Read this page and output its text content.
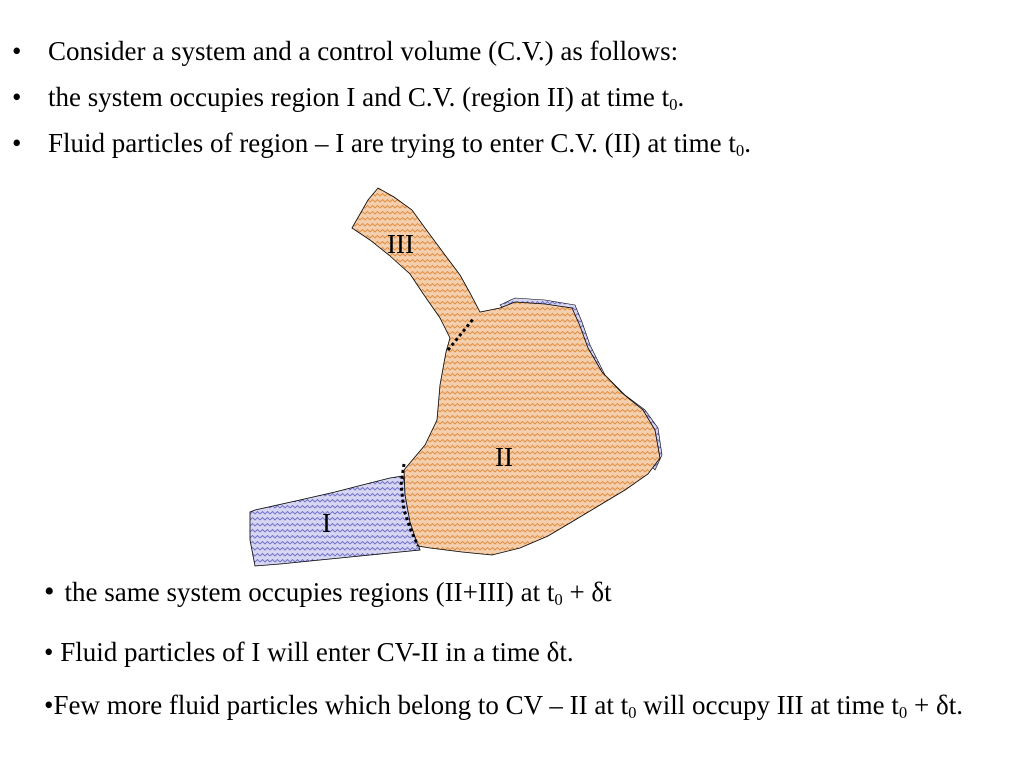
• Consider a system and a control volume (C.V.) as follows:
• the system occupies region I and C.V. (region II) at time $t_0$.
• Fluid particles of region – I are trying to enter C.V. (II) at time $t_0$.
III
II
I
• the same system occupies regions (II+III) at $t_0 + \delta t$
• Fluid particles of I will enter CV-II in a time δt.
•Few more fluid particles which belong to CV – II at $t_0$ will occupy III at time $t_0 + \delta t$.
